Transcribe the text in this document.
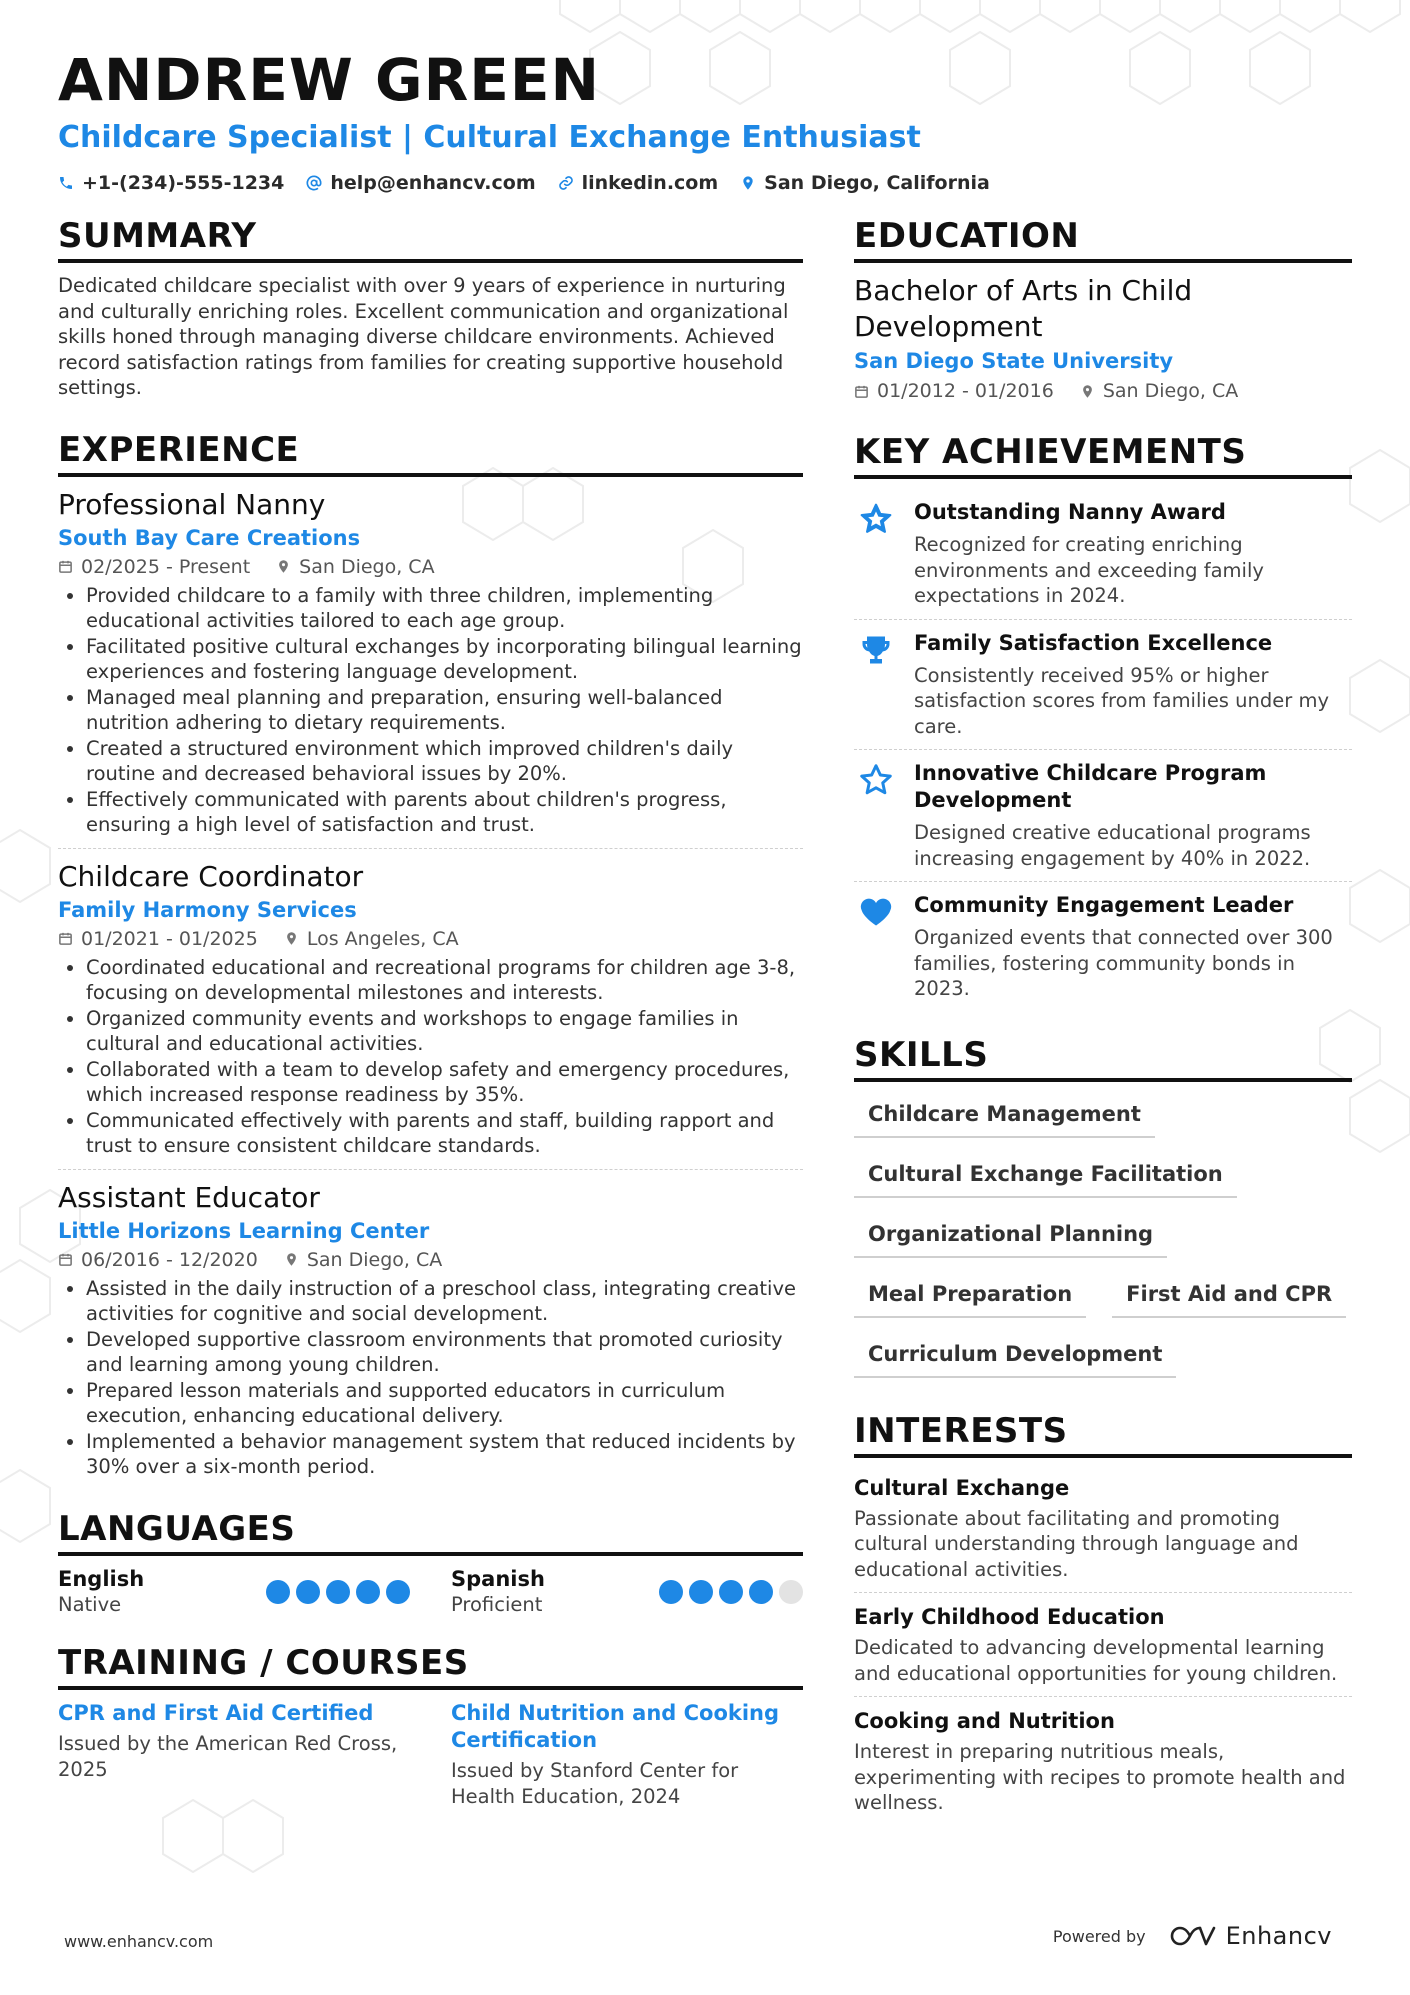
ANDREW GREEN
Childcare Specialist | Cultural Exchange Enthusiast
+1-(234)-555-1234 help@enhancv.com linkedin.com San Diego, California
SUMMARY

Dedicated childcare specialist with over 9 years of experience in nurturing and culturally enriching roles. Excellent communication and organizational skills honed through managing diverse childcare environments. Achieved record satisfaction ratings from families for creating supportive household settings.

EXPERIENCE
Professional Nanny
South Bay Care Creations
02/2025 - Present	San Diego, CA
• Provided childcare to a family with three children, implementing educational activities tailored to each age group.
• Facilitated positive cultural exchanges by incorporating bilingual learning experiences and fostering language development.
• Managed meal planning and preparation, ensuring well-balanced nutrition adhering to dietary requirements.
• Created a structured environment which improved children's daily routine and decreased behavioral issues by 20%.
• Effectively communicated with parents about children's progress, ensuring a high level of satisfaction and trust.
Childcare Coordinator
Family Harmony Services
01/2021 - 01/2025	Los Angeles, CA
• Coordinated educational and recreational programs for children age 3-8, focusing on developmental milestones and interests.
• Organized community events and workshops to engage families in cultural and educational activities.
• Collaborated with a team to develop safety and emergency procedures, which increased response readiness by 35%.
• Communicated effectively with parents and staff, building rapport and trust to ensure consistent childcare standards.
Assistant Educator
Little Horizons Learning Center
06/2016 - 12/2020	San Diego, CA
• Assisted in the daily instruction of a preschool class, integrating creative activities for cognitive and social development.
• Developed supportive classroom environments that promoted curiosity and learning among young children.
• Prepared lesson materials and supported educators in curriculum execution, enhancing educational delivery.
• Implemented a behavior management system that reduced incidents by 30% over a six-month period.
LANGUAGES
English
Native
Spanish
Proficient
TRAINING / COURSES
CPR and First Aid Certified
Issued by the American Red Cross, 2025
Child Nutrition and Cooking Certification
Issued by Stanford Center for Health Education, 2024
EDUCATION
Bachelor of Arts in Child Development
San Diego State University
01/2012 - 01/2016	San Diego, CA
KEY ACHIEVEMENTS
Outstanding Nanny Award
Recognized for creating enriching environments and exceeding family expectations in 2024.
Family Satisfaction Excellence
Consistently received 95% or higher satisfaction scores from families under my care.
Innovative Childcare Program Development
Designed creative educational programs increasing engagement by 40% in 2022.
Community Engagement Leader
Organized events that connected over 300 families, fostering community bonds in 2023.
SKILLS
Childcare Management
Cultural Exchange Facilitation
Organizational Planning
Meal Preparation	First Aid and CPR
Curriculum Development
INTERESTS
Cultural Exchange
Passionate about facilitating and promoting cultural understanding through language and educational activities.
Early Childhood Education
Dedicated to advancing developmental learning and educational opportunities for young children.
Cooking and Nutrition
Interest in preparing nutritious meals, experimenting with recipes to promote health and wellness.
www.enhancv.com	Powered by	Enhancv
